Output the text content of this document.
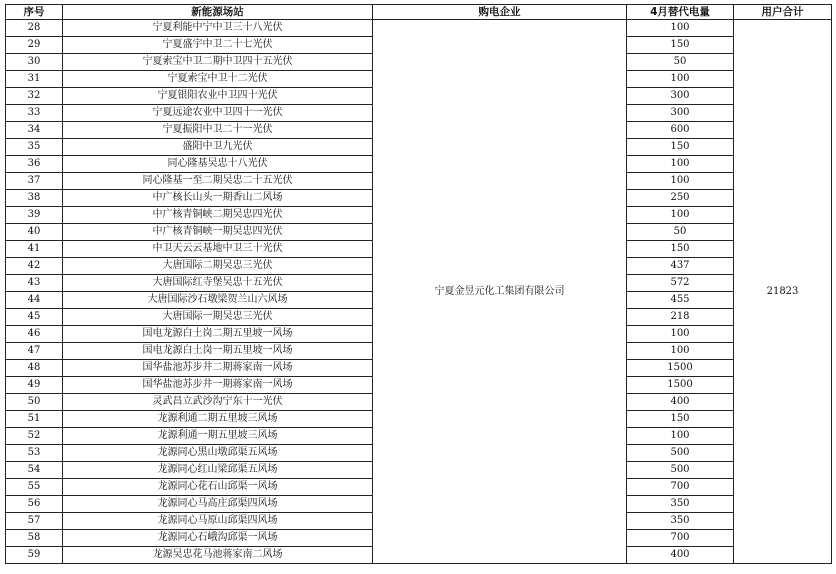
序号	新能源场站	购电企业	4月替代电量	用户合计
28	宁夏利能中宁中卫三十八光伏	宁夏金昱元化工集团有限公司	100	21823
29	宁夏盛宇中卫二十七光伏		150	
30	宁夏索宝中卫二期中卫四十五光伏		50	
31	宁夏索宝中卫十二光伏		100	
32	宁夏银阳农业中卫四十光伏		300	
33	宁夏远途农业中卫四十一光伏		300	
34	宁夏振阳中卫二十一光伏		600	
35	盛阳中卫九光伏		150	
36	同心隆基吴忠十八光伏		100	
37	同心隆基一至二期吴忠二十五光伏		100	
38	中广核长山头一期香山二风场		250	
39	中广核青铜峡二期吴忠四光伏		100	
40	中广核青铜峡一期吴忠四光伏		50	
41	中卫天云云基地中卫三十光伏		150	
42	大唐国际二期吴忠三光伏		437	
43	大唐国际红寺堡吴忠十五光伏		572	
44	大唐国际沙石墩梁贺兰山六风场		455	
45	大唐国际一期吴忠三光伏		218	
46	国电龙源白土岗二期五里坡一风场		100	
47	国电龙源白土岗一期五里坡一风场		100	
48	国华盐池苏步井二期蒋家南一风场		1500	
49	国华盐池苏步井一期蒋家南一风场		1500	
50	灵武昌立武沙沟宁东十一光伏		400	
51	龙源利通二期五里坡三风场		150	
52	龙源利通一期五里坡三风场		100	
53	龙源同心黑山墩邱渠五风场		500	
54	龙源同心红山梁邱渠五风场		500	
55	龙源同心花石山邱渠一风场		700	
56	龙源同心马高庄邱渠四风场		350	
57	龙源同心马原山邱渠四风场		350	
58	龙源同心石峨沟邱渠一风场		700	
59	龙源吴忠花马池蒋家南二风场		400	
